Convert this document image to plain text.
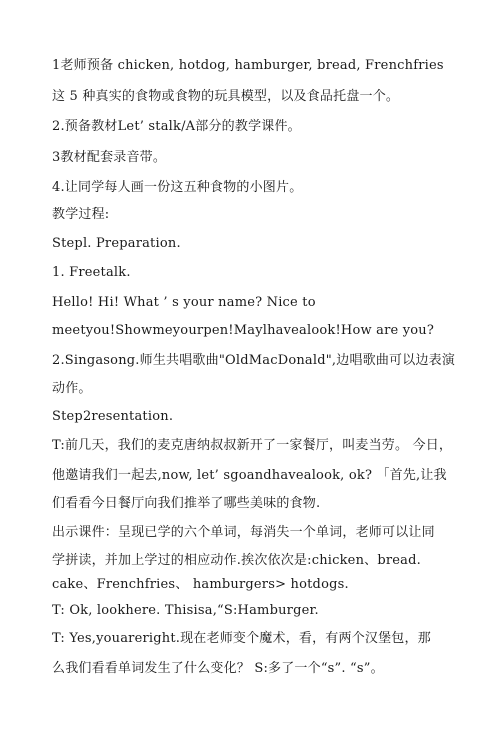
1老师预备 chicken, hotdog, hamburger, bread, Frenchfries
这 5 种真实的食物或食物的玩具模型，以及食品托盘一个。
2.预备教材Let’ stalk/A部分的教学课件。
3教材配套录音带。
4.让同学每人画一份这五种食物的小图片。
教学过程:
Stepl. Preparation.
1. Freetalk.
Hello! Hi! What ’ s your name? Nice to
meetyou!Showmeyourpen!Maylhavealook!How are you?
2.Singasong.师生共唱歌曲"OldMacDonald",边唱歌曲可以边表演
动作。
Step2resentation.
T:前几天，我们的麦克唐纳叔叔新开了一家餐厅，叫麦当劳。 今日，
他邀请我们一起去,now, let’ sgoandhavealook, ok? 「首先,让我
们看看今日餐厅向我们推举了哪些美味的食物.
出示课件：呈现已学的六个单词，每消失一个单词，老师可以让同
学拼读，并加上学过的相应动作.挨次依次是:chicken、bread.
cake、Frenchfries、 hamburgers> hotdogs.
T: Ok, lookhere. Thisisa,“S:Hamburger.
T: Yes,youareright.现在老师变个魔术，看，有两个汉堡包，那
么我们看看单词发生了什么变化？ S:多了一个“s”. “s”。
